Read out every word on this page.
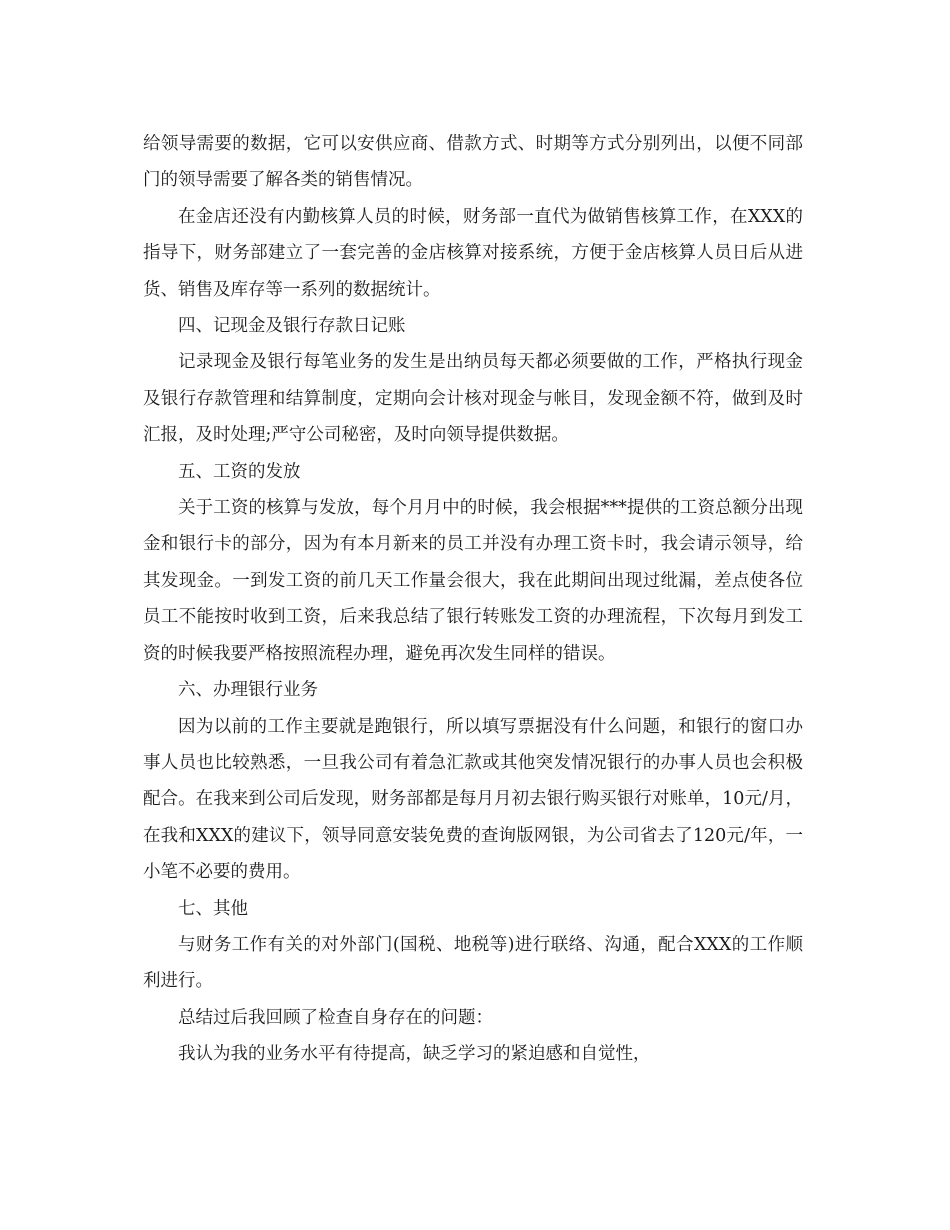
给领导需要的数据，它可以安供应商、借款方式、时期等方式分别列出，以便不同部门的领导需要了解各类的销售情况。

在金店还没有内勤核算人员的时候，财务部一直代为做销售核算工作，在XXX的指导下，财务部建立了一套完善的金店核算对接系统，方便于金店核算人员日后从进货、销售及库存等一系列的数据统计。

四、记现金及银行存款日记账

记录现金及银行每笔业务的发生是出纳员每天都必须要做的工作，严格执行现金及银行存款管理和结算制度，定期向会计核对现金与帐目，发现金额不符，做到及时汇报，及时处理;严守公司秘密，及时向领导提供数据。

五、工资的发放

关于工资的核算与发放，每个月月中的时候，我会根据***提供的工资总额分出现金和银行卡的部分，因为有本月新来的员工并没有办理工资卡时，我会请示领导，给其发现金。一到发工资的前几天工作量会很大，我在此期间出现过纰漏，差点使各位员工不能按时收到工资，后来我总结了银行转账发工资的办理流程，下次每月到发工资的时候我要严格按照流程办理，避免再次发生同样的错误。

六、办理银行业务

因为以前的工作主要就是跑银行，所以填写票据没有什么问题，和银行的窗口办事人员也比较熟悉，一旦我公司有着急汇款或其他突发情况银行的办事人员也会积极配合。在我来到公司后发现，财务部都是每月月初去银行购买银行对账单，10元/月，在我和XXX的建议下，领导同意安装免费的查询版网银，为公司省去了120元/年，一小笔不必要的费用。

七、其他

与财务工作有关的对外部门(国税、地税等)进行联络、沟通，配合XXX的工作顺利进行。

总结过后我回顾了检查自身存在的问题：

我认为我的业务水平有待提高，缺乏学习的紧迫感和自觉性，
